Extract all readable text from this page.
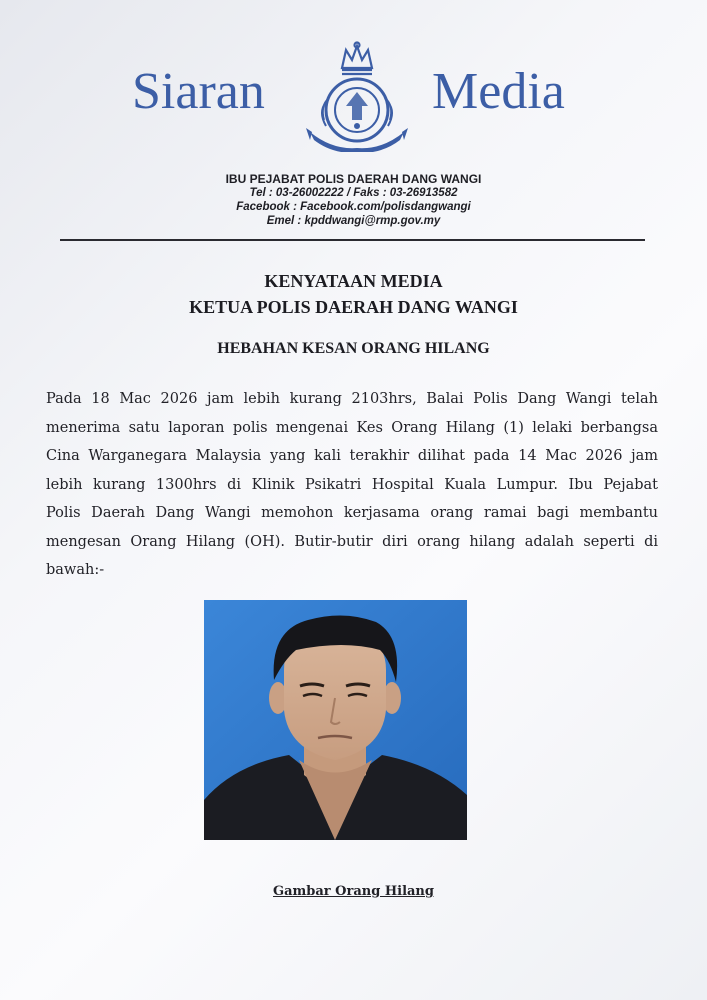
Siaran	Media
IBU PEJABAT POLIS DAERAH DANG WANGI
Tel : 03-26002222 / Faks : 03-26913582
Facebook : Facebook.com/polisdangwangi
Emel : kpddwangi@rmp.gov.my
KENYATAAN MEDIA
KETUA POLIS DAERAH DANG WANGI
HEBAHAN KESAN ORANG HILANG
Pada 18 Mac 2026 jam lebih kurang 2103hrs, Balai Polis Dang Wangi telah
menerima satu laporan polis mengenai Kes Orang Hilang (1) lelaki berbangsa
Cina Warganegara Malaysia yang kali terakhir dilihat pada 14 Mac 2026 jam
lebih kurang 1300hrs di Klinik Psikatri Hospital Kuala Lumpur. Ibu Pejabat
Polis Daerah Dang Wangi memohon kerjasama orang ramai bagi membantu
mengesan Orang Hilang (OH). Butir-butir diri orang hilang adalah seperti di
bawah:-
Gambar Orang Hilang
